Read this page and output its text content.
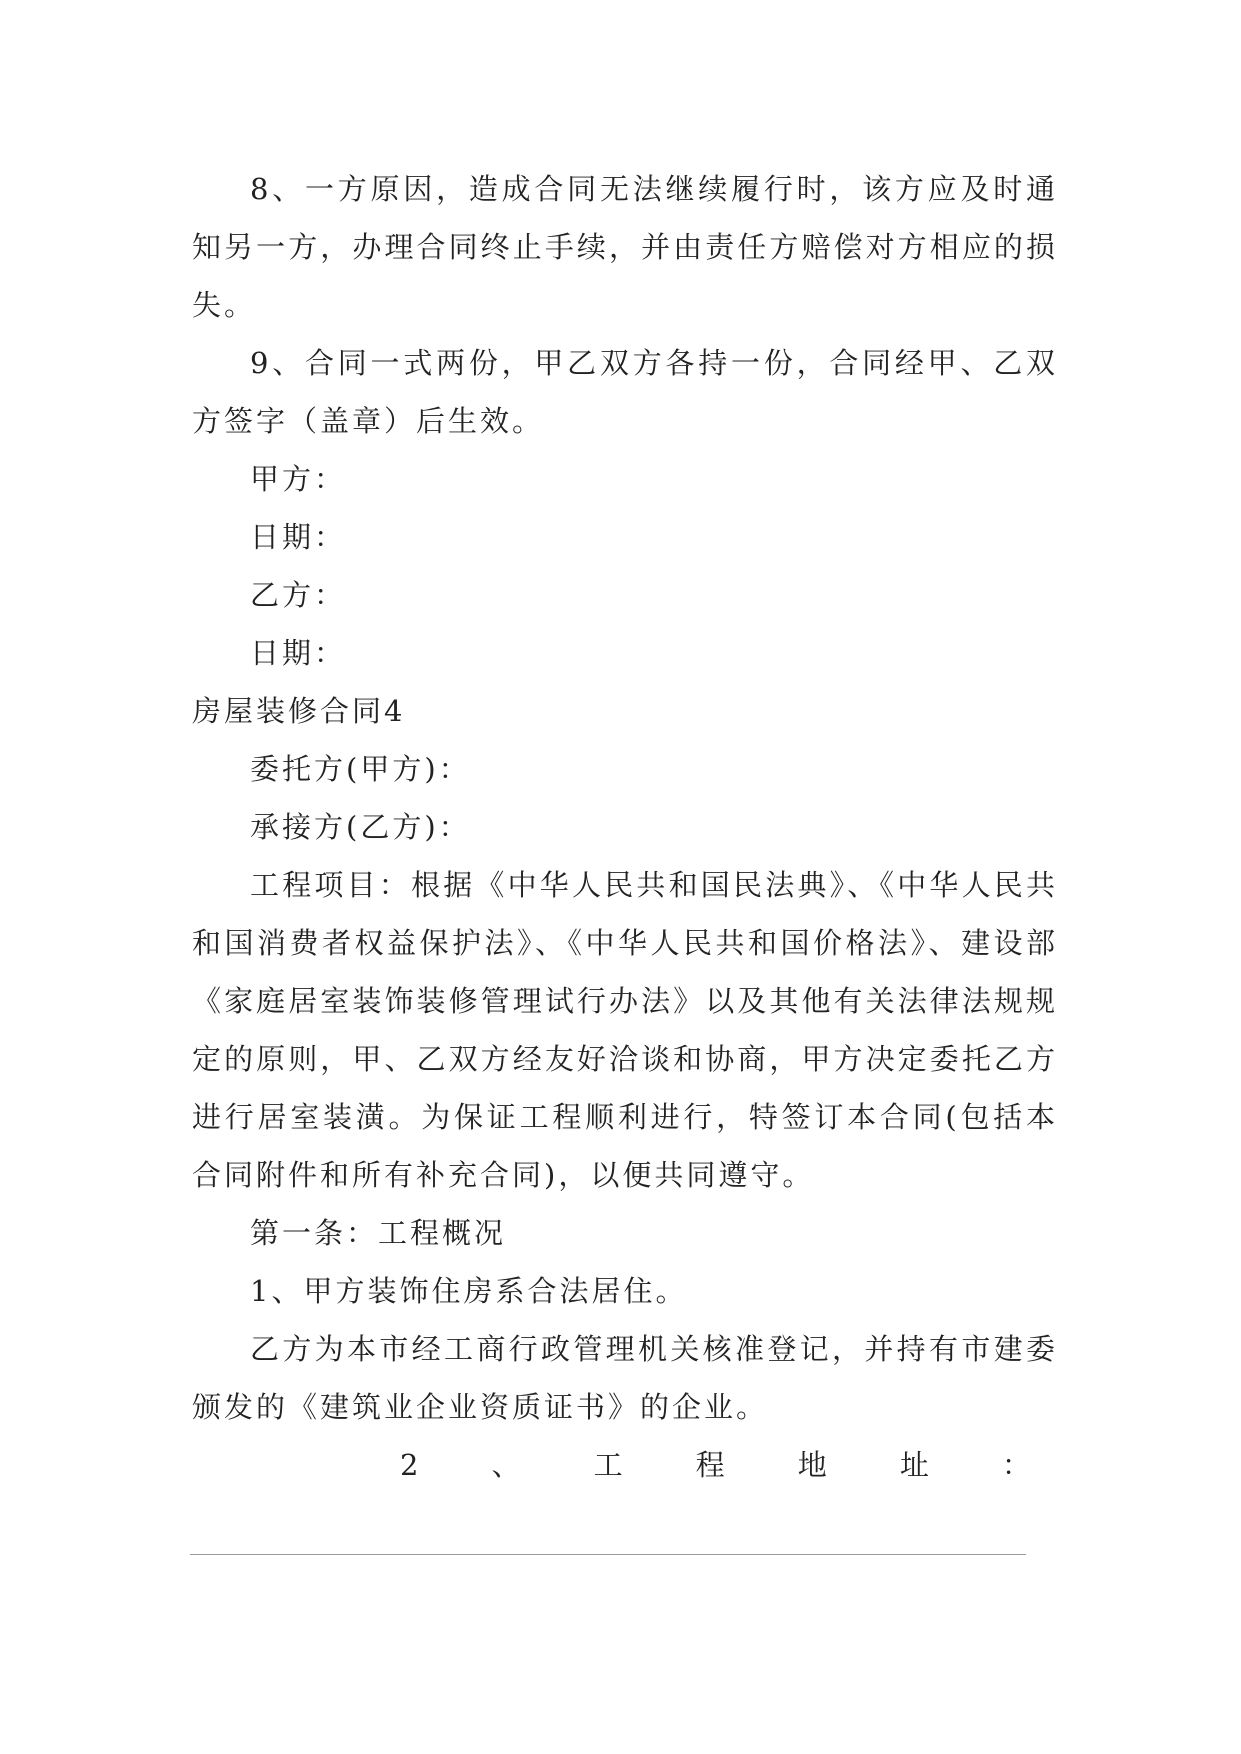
8、一方原因，造成合同无法继续履行时，该方应及时通知另一方，办理合同终止手续，并由责任方赔偿对方相应的损失。

9、合同一式两份，甲乙双方各持一份，合同经甲、乙双方签字（盖章）后生效。

甲方：

日期：

乙方：

日期：

房屋装修合同4

委托方(甲方)：

承接方(乙方)：

工程项目：根据《中华人民共和国民法典》、《中华人民共和国消费者权益保护法》、《中华人民共和国价格法》、建设部《家庭居室装饰装修管理试行办法》以及其他有关法律法规规定的原则，甲、乙双方经友好洽谈和协商，甲方决定委托乙方进行居室装潢。为保证工程顺利进行，特签订本合同(包括本合同附件和所有补充合同)，以便共同遵守。

第一条：工程概况

1、甲方装饰住房系合法居住。

乙方为本市经工商行政管理机关核准登记，并持有市建委颁发的《建筑业企业资质证书》的企业。

2 、 工 程 地 址 ：
